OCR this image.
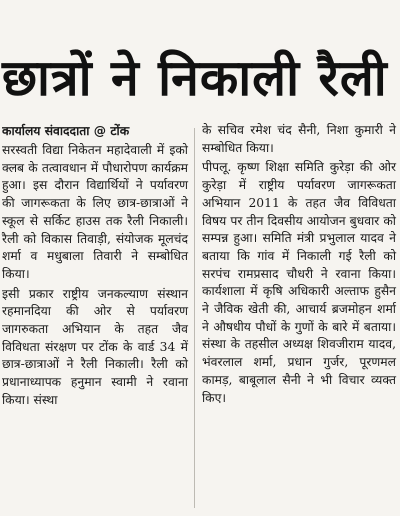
छात्रों ने निकाली रैली
कार्यालय संवाददाता @ टोंक

सरस्वती विद्या निकेतन महादेवाली में इको क्लब के तत्वावधान में पौधारोपण कार्यक्रम हुआ। इस दौरान विद्यार्थियों ने पर्यावरण की जागरूकता के लिए छात्र-छात्राओं ने स्कूल से सर्किट हाउस तक रैली निकाली। रैली को विकास तिवाड़ी, संयोजक मूलचंद शर्मा व मधुबाला तिवारी ने सम्बोधित किया।

इसी प्रकार राष्ट्रीय जनकल्याण संस्थान रहमानदिया की ओर से पर्यावरण जागरुकता अभियान के तहत जैव विविधता संरक्षण पर टोंक के वार्ड 34 में छात्र-छात्राओं ने रैली निकाली। रैली को प्रधानाध्यापक हनुमान स्वामी ने रवाना किया। संस्था

के सचिव रमेश चंद सैनी, निशा कुमारी ने सम्बोधित किया।

पीपलू. कृष्ण शिक्षा समिति कुरेड़ा की ओर कुरेड़ा में राष्ट्रीय पर्यावरण जागरूकता अभियान 2011 के तहत जैव विविधता विषय पर तीन दिवसीय आयोजन बुधवार को सम्पन्न हुआ। समिति मंत्री प्रभुलाल यादव ने बताया कि गांव में निकाली गई रैली को सरपंच रामप्रसाद चौधरी ने रवाना किया। कार्यशाला में कृषि अधिकारी अल्ताफ हुसैन ने जैविक खेती की, आचार्य ब्रजमोहन शर्मा ने औषधीय पौधों के गुणों के बारे में बताया। संस्था के तहसील अध्यक्ष शिवजीराम यादव, भंवरलाल शर्मा, प्रधान गुर्जर, पूरणमल कामड़, बाबूलाल सैनी ने भी विचार व्यक्त किए।
